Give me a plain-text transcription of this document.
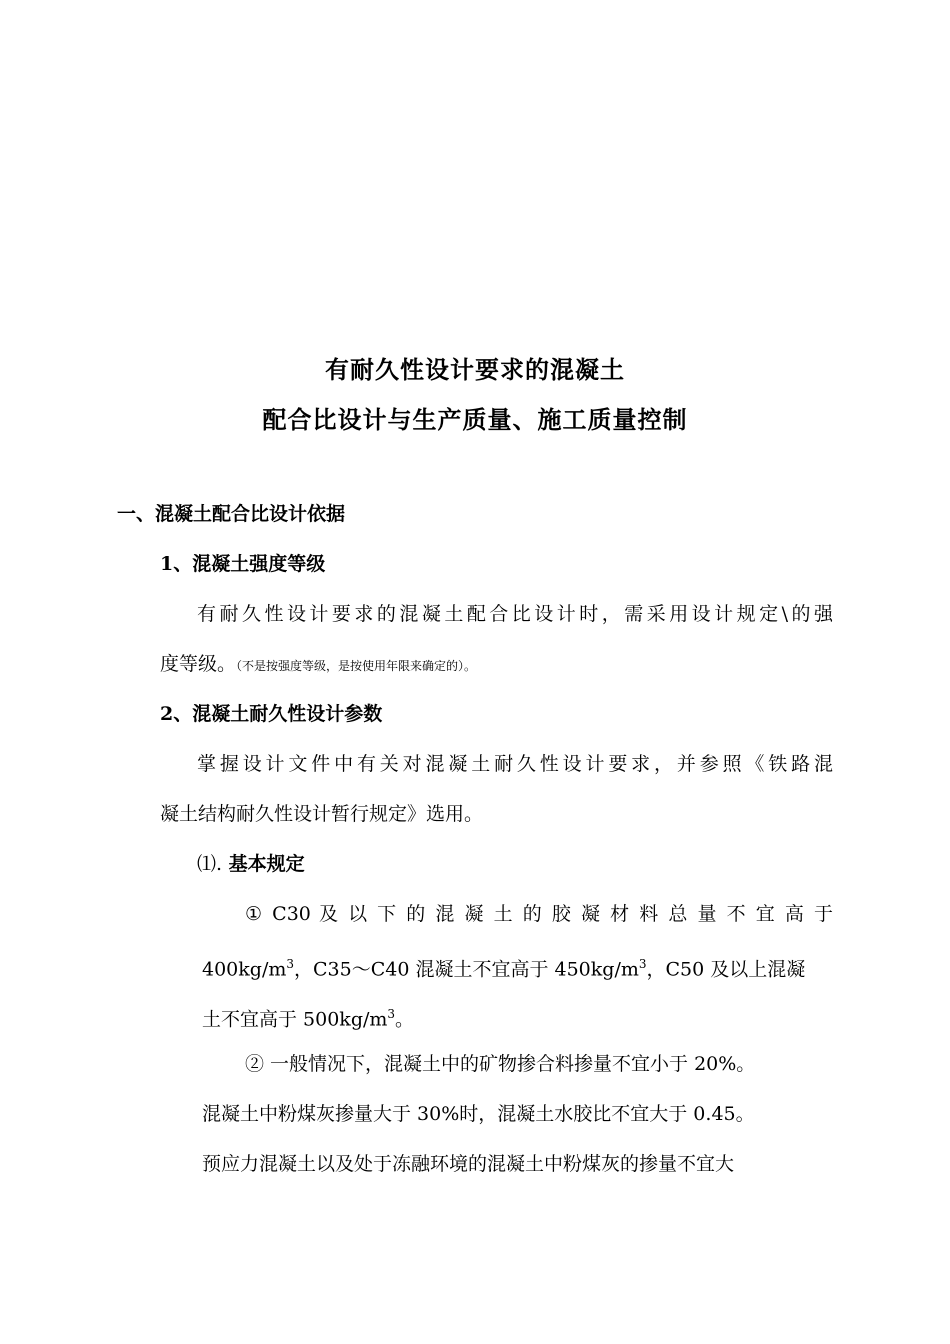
有耐久性设计要求的混凝土
配合比设计与生产质量、施工质量控制
一、混凝土配合比设计依据
1、混凝土强度等级
有耐久性设计要求的混凝土配合比设计时，需采用设计规定\的强
度等级。（不是按强度等级，是按使用年限来确定的）。
2、混凝土耐久性设计参数
掌握设计文件中有关对混凝土耐久性设计要求，并参照《铁路混
凝土结构耐久性设计暂行规定》选用。
⑴. 基本规定
① C30 及 以 下 的 混 凝 土 的 胶 凝 材 料 总 量 不 宜 高 于
400kg/m$^3$，C35～C40 混凝土不宜高于 450kg/m$^3$，C50 及以上混凝
土不宜高于 500kg/m$^3$。
② 一般情况下，混凝土中的矿物掺合料掺量不宜小于 20%。
混凝土中粉煤灰掺量大于 30%时，混凝土水胶比不宜大于 0.45。
预应力混凝土以及处于冻融环境的混凝土中粉煤灰的掺量不宜大
